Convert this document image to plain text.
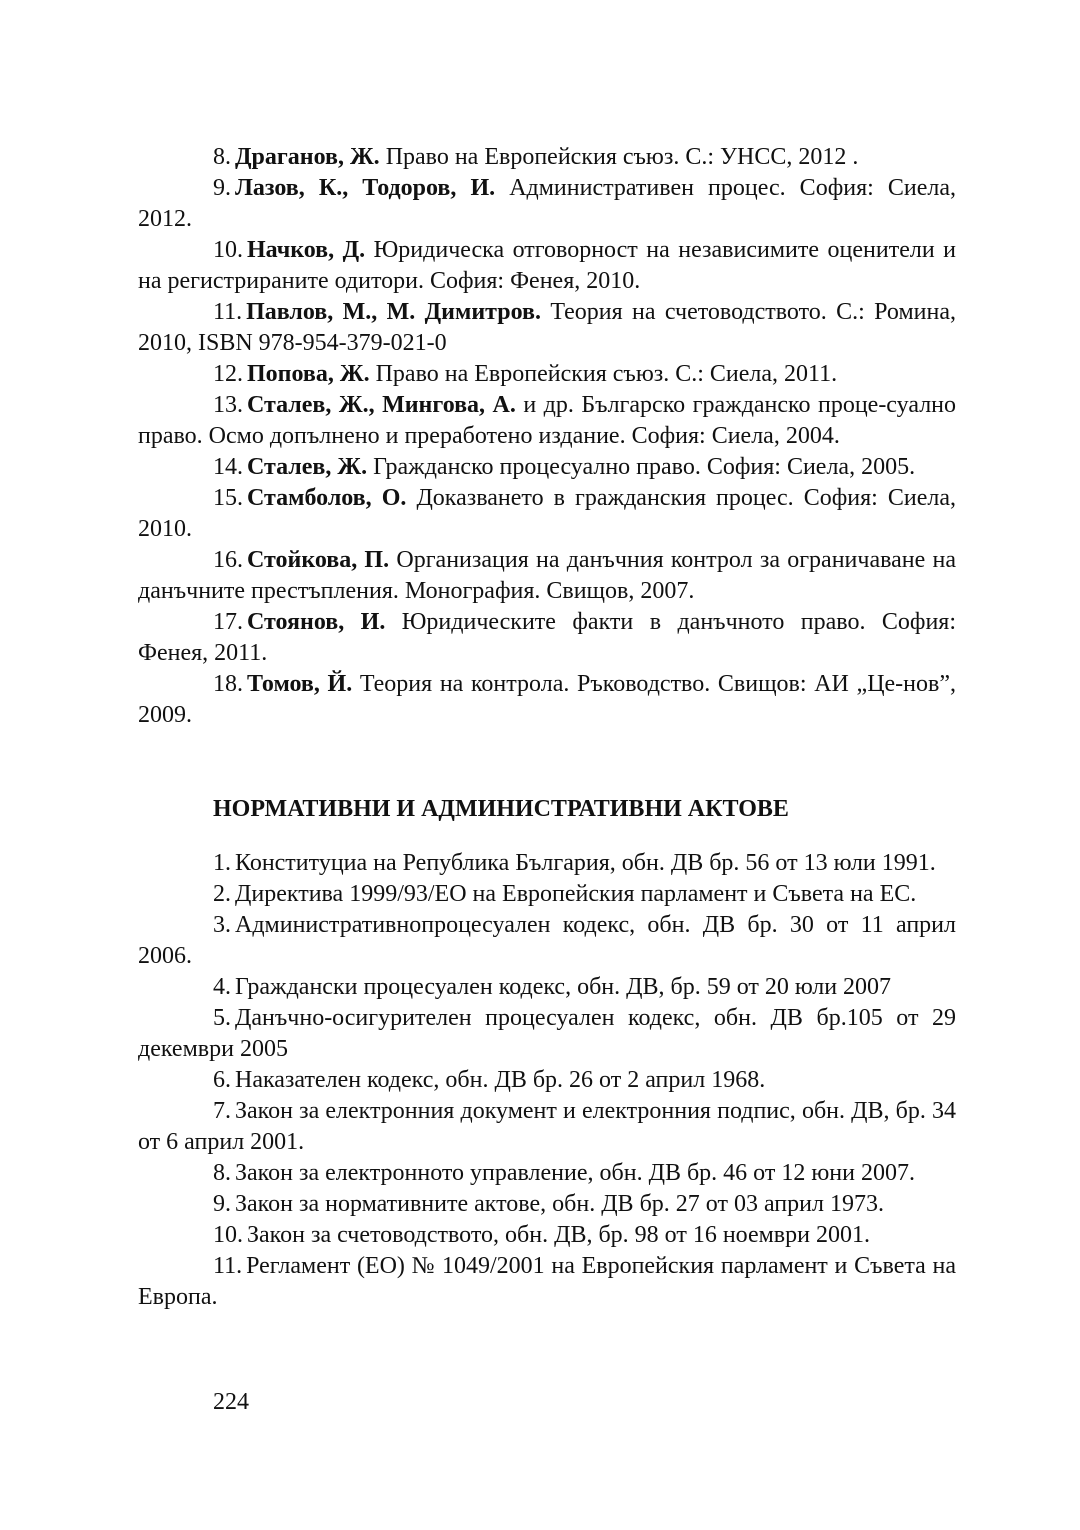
8. Драганов, Ж. Право на Европейския съюз. С.: УНСС, 2012 .

9. Лазов, К., Тодоров, И. Административен процес. София: Сиела, 2012.

10. Начков, Д. Юридическа отговорност на независимите оценители и на регистрираните одитори. София: Фенея, 2010.

11. Павлов, М., М. Димитров. Теория на счетоводството. С.: Ромина, 2010, ISBN 978-954-379-021-0

12. Попова, Ж. Право на Европейския съюз. С.: Сиела, 2011.

13. Сталев, Ж., Мингова, А. и др. Българско гражданско проце-суално право. Осмо допълнено и преработено издание. София: Сиела, 2004.

14. Сталев, Ж. Гражданско процесуално право. София: Сиела, 2005.

15. Стамболов, О. Доказването в гражданския процес. София: Сиела, 2010.

16. Стойкова, П. Организация на данъчния контрол за ограничаване на данъчните престъпления. Монография. Свищов, 2007.

17. Стоянов, И. Юридическите факти в данъчното право. София: Фенея, 2011.

18. Томов, Й. Теория на контрола. Ръководство. Свищов: АИ „Це-нов”, 2009.

НОРМАТИВНИ И АДМИНИСТРАТИВНИ АКТОВЕ

1. Конституциа на Република България, обн. ДВ бр. 56 от 13 юли 1991.

2. Директива 1999/93/ЕО на Европейския парламент и Съвета на ЕС.

3. Административнопроцесуален кодекс, обн. ДВ бр. 30 от 11 април 2006.

4. Граждански процесуален кодекс, обн. ДВ, бр. 59 от 20 юли 2007

5. Данъчно-осигурителен процесуален кодекс, обн. ДВ бр.105 от 29 декември 2005

6. Наказателен кодекс, обн. ДВ бр. 26 от 2 април 1968.

7. Закон за електронния документ и електронния подпис, обн. ДВ, бр. 34 от 6 април 2001.

8. Закон за електронното управление, обн. ДВ бр. 46 от 12 юни 2007.

9. Закон за нормативните актове, обн. ДВ бр. 27 от 03 април 1973.

10. Закон за счетоводството, обн. ДВ, бр. 98 от 16 ноември 2001.

11. Регламент (ЕО) № 1049/2001 на Европейския парламент и Съвета на Европа.

224
